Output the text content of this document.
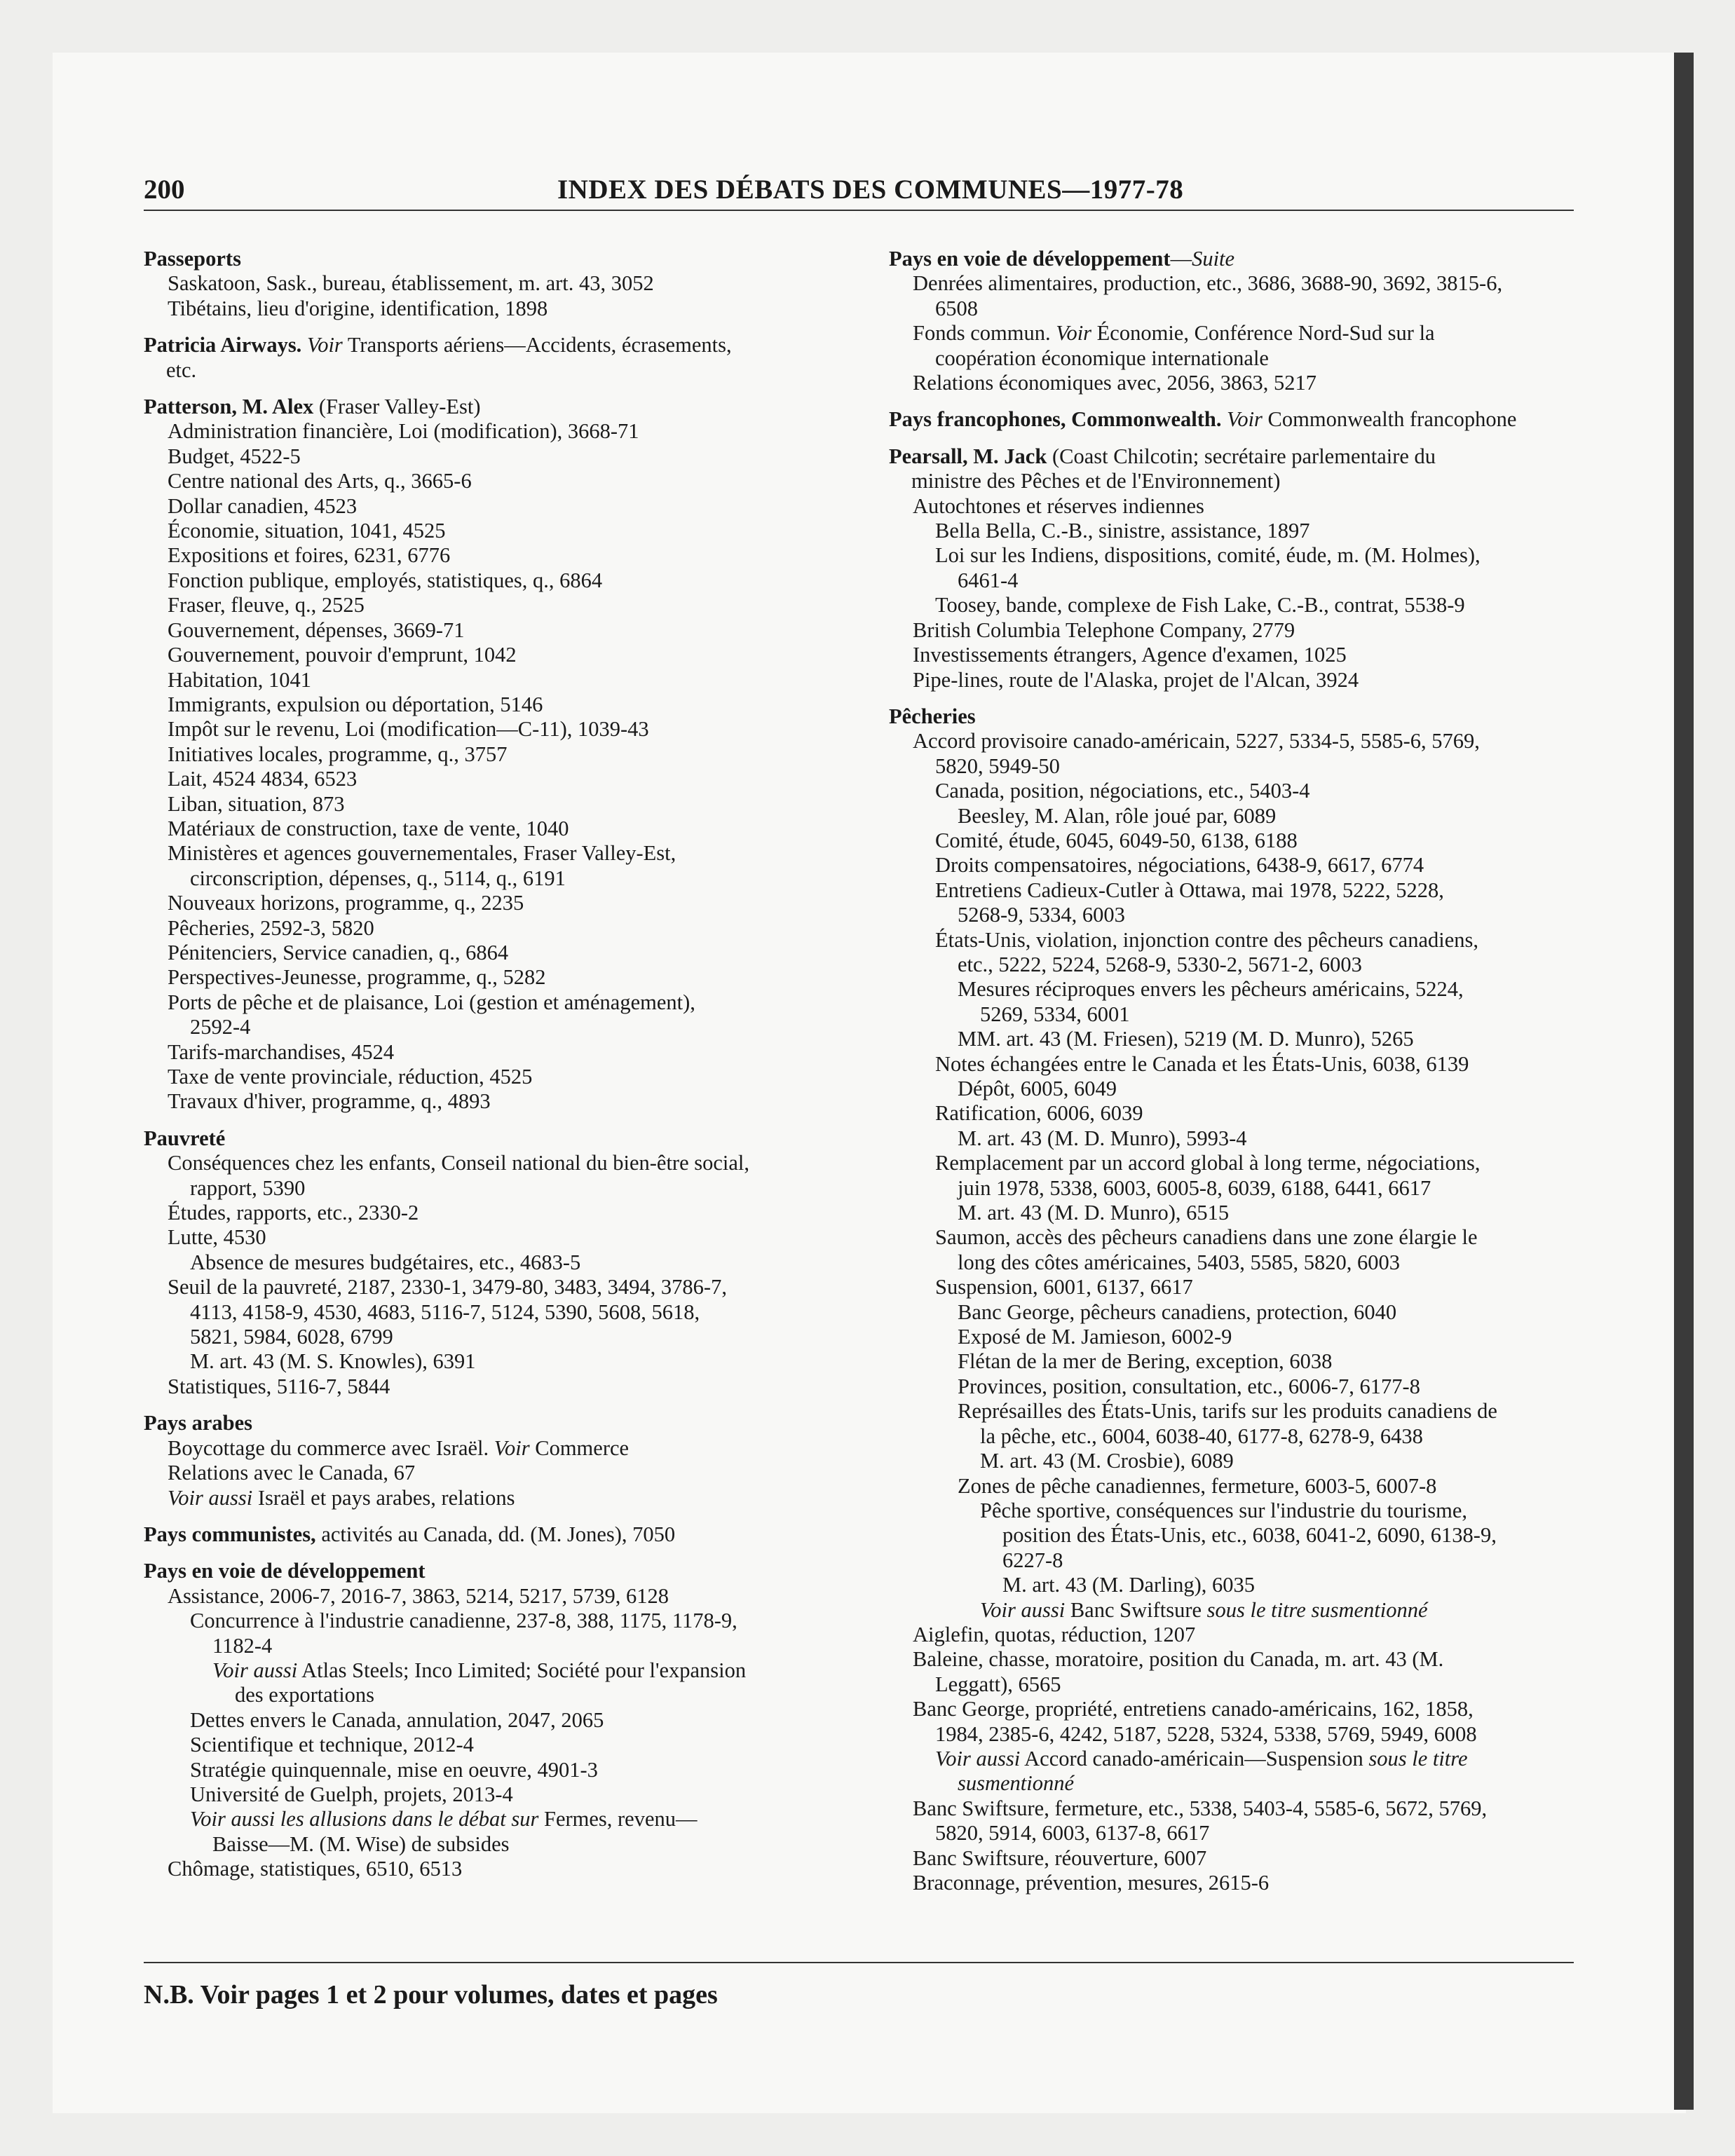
200	INDEX DES DÉBATS DES COMMUNES—1977-78
Passeports
Saskatoon, Sask., bureau, établissement, m. art. 43, 3052
Tibétains, lieu d'origine, identification, 1898
Patricia Airways. Voir Transports aériens—Accidents, écrasements,
etc.
Patterson, M. Alex (Fraser Valley-Est)
Administration financière, Loi (modification), 3668-71
Budget, 4522-5
Centre national des Arts, q., 3665-6
Dollar canadien, 4523
Économie, situation, 1041, 4525
Expositions et foires, 6231, 6776
Fonction publique, employés, statistiques, q., 6864
Fraser, fleuve, q., 2525
Gouvernement, dépenses, 3669-71
Gouvernement, pouvoir d'emprunt, 1042
Habitation, 1041
Immigrants, expulsion ou déportation, 5146
Impôt sur le revenu, Loi (modification—C-11), 1039-43
Initiatives locales, programme, q., 3757
Lait, 4524 4834, 6523
Liban, situation, 873
Matériaux de construction, taxe de vente, 1040
Ministères et agences gouvernementales, Fraser Valley-Est,
circonscription, dépenses, q., 5114, q., 6191
Nouveaux horizons, programme, q., 2235
Pêcheries, 2592-3, 5820
Pénitenciers, Service canadien, q., 6864
Perspectives-Jeunesse, programme, q., 5282
Ports de pêche et de plaisance, Loi (gestion et aménagement),
2592-4
Tarifs-marchandises, 4524
Taxe de vente provinciale, réduction, 4525
Travaux d'hiver, programme, q., 4893
Pauvreté
Conséquences chez les enfants, Conseil national du bien-être social,
rapport, 5390
Études, rapports, etc., 2330-2
Lutte, 4530
Absence de mesures budgétaires, etc., 4683-5
Seuil de la pauvreté, 2187, 2330-1, 3479-80, 3483, 3494, 3786-7,
4113, 4158-9, 4530, 4683, 5116-7, 5124, 5390, 5608, 5618,
5821, 5984, 6028, 6799
M. art. 43 (M. S. Knowles), 6391
Statistiques, 5116-7, 5844
Pays arabes
Boycottage du commerce avec Israël. Voir Commerce
Relations avec le Canada, 67
Voir aussi Israël et pays arabes, relations
Pays communistes, activités au Canada, dd. (M. Jones), 7050
Pays en voie de développement
Assistance, 2006-7, 2016-7, 3863, 5214, 5217, 5739, 6128
Concurrence à l'industrie canadienne, 237-8, 388, 1175, 1178-9,
1182-4
Voir aussi Atlas Steels; Inco Limited; Société pour l'expansion
des exportations
Dettes envers le Canada, annulation, 2047, 2065
Scientifique et technique, 2012-4
Stratégie quinquennale, mise en oeuvre, 4901-3
Université de Guelph, projets, 2013-4
Voir aussi les allusions dans le débat sur Fermes, revenu—
Baisse—M. (M. Wise) de subsides
Chômage, statistiques, 6510, 6513
Pays en voie de développement—Suite
Denrées alimentaires, production, etc., 3686, 3688-90, 3692, 3815-6,
6508
Fonds commun. Voir Économie, Conférence Nord-Sud sur la
coopération économique internationale
Relations économiques avec, 2056, 3863, 5217
Pays francophones, Commonwealth. Voir Commonwealth francophone
Pearsall, M. Jack (Coast Chilcotin; secrétaire parlementaire du
ministre des Pêches et de l'Environnement)
Autochtones et réserves indiennes
Bella Bella, C.-B., sinistre, assistance, 1897
Loi sur les Indiens, dispositions, comité, éude, m. (M. Holmes),
6461-4
Toosey, bande, complexe de Fish Lake, C.-B., contrat, 5538-9
British Columbia Telephone Company, 2779
Investissements étrangers, Agence d'examen, 1025
Pipe-lines, route de l'Alaska, projet de l'Alcan, 3924
Pêcheries
Accord provisoire canado-américain, 5227, 5334-5, 5585-6, 5769,
5820, 5949-50
Canada, position, négociations, etc., 5403-4
Beesley, M. Alan, rôle joué par, 6089
Comité, étude, 6045, 6049-50, 6138, 6188
Droits compensatoires, négociations, 6438-9, 6617, 6774
Entretiens Cadieux-Cutler à Ottawa, mai 1978, 5222, 5228,
5268-9, 5334, 6003
États-Unis, violation, injonction contre des pêcheurs canadiens,
etc., 5222, 5224, 5268-9, 5330-2, 5671-2, 6003
Mesures réciproques envers les pêcheurs américains, 5224,
5269, 5334, 6001
MM. art. 43 (M. Friesen), 5219 (M. D. Munro), 5265
Notes échangées entre le Canada et les États-Unis, 6038, 6139
Dépôt, 6005, 6049
Ratification, 6006, 6039
M. art. 43 (M. D. Munro), 5993-4
Remplacement par un accord global à long terme, négociations,
juin 1978, 5338, 6003, 6005-8, 6039, 6188, 6441, 6617
M. art. 43 (M. D. Munro), 6515
Saumon, accès des pêcheurs canadiens dans une zone élargie le
long des côtes américaines, 5403, 5585, 5820, 6003
Suspension, 6001, 6137, 6617
Banc George, pêcheurs canadiens, protection, 6040
Exposé de M. Jamieson, 6002-9
Flétan de la mer de Bering, exception, 6038
Provinces, position, consultation, etc., 6006-7, 6177-8
Représailles des États-Unis, tarifs sur les produits canadiens de
la pêche, etc., 6004, 6038-40, 6177-8, 6278-9, 6438
M. art. 43 (M. Crosbie), 6089
Zones de pêche canadiennes, fermeture, 6003-5, 6007-8
Pêche sportive, conséquences sur l'industrie du tourisme,
position des États-Unis, etc., 6038, 6041-2, 6090, 6138-9,
6227-8
M. art. 43 (M. Darling), 6035
Voir aussi Banc Swiftsure sous le titre susmentionné
Aiglefin, quotas, réduction, 1207
Baleine, chasse, moratoire, position du Canada, m. art. 43 (M.
Leggatt), 6565
Banc George, propriété, entretiens canado-américains, 162, 1858,
1984, 2385-6, 4242, 5187, 5228, 5324, 5338, 5769, 5949, 6008
Voir aussi Accord canado-américain—Suspension sous le titre
susmentionné
Banc Swiftsure, fermeture, etc., 5338, 5403-4, 5585-6, 5672, 5769,
5820, 5914, 6003, 6137-8, 6617
Banc Swiftsure, réouverture, 6007
Braconnage, prévention, mesures, 2615-6
N.B. Voir pages 1 et 2 pour volumes, dates et pages
